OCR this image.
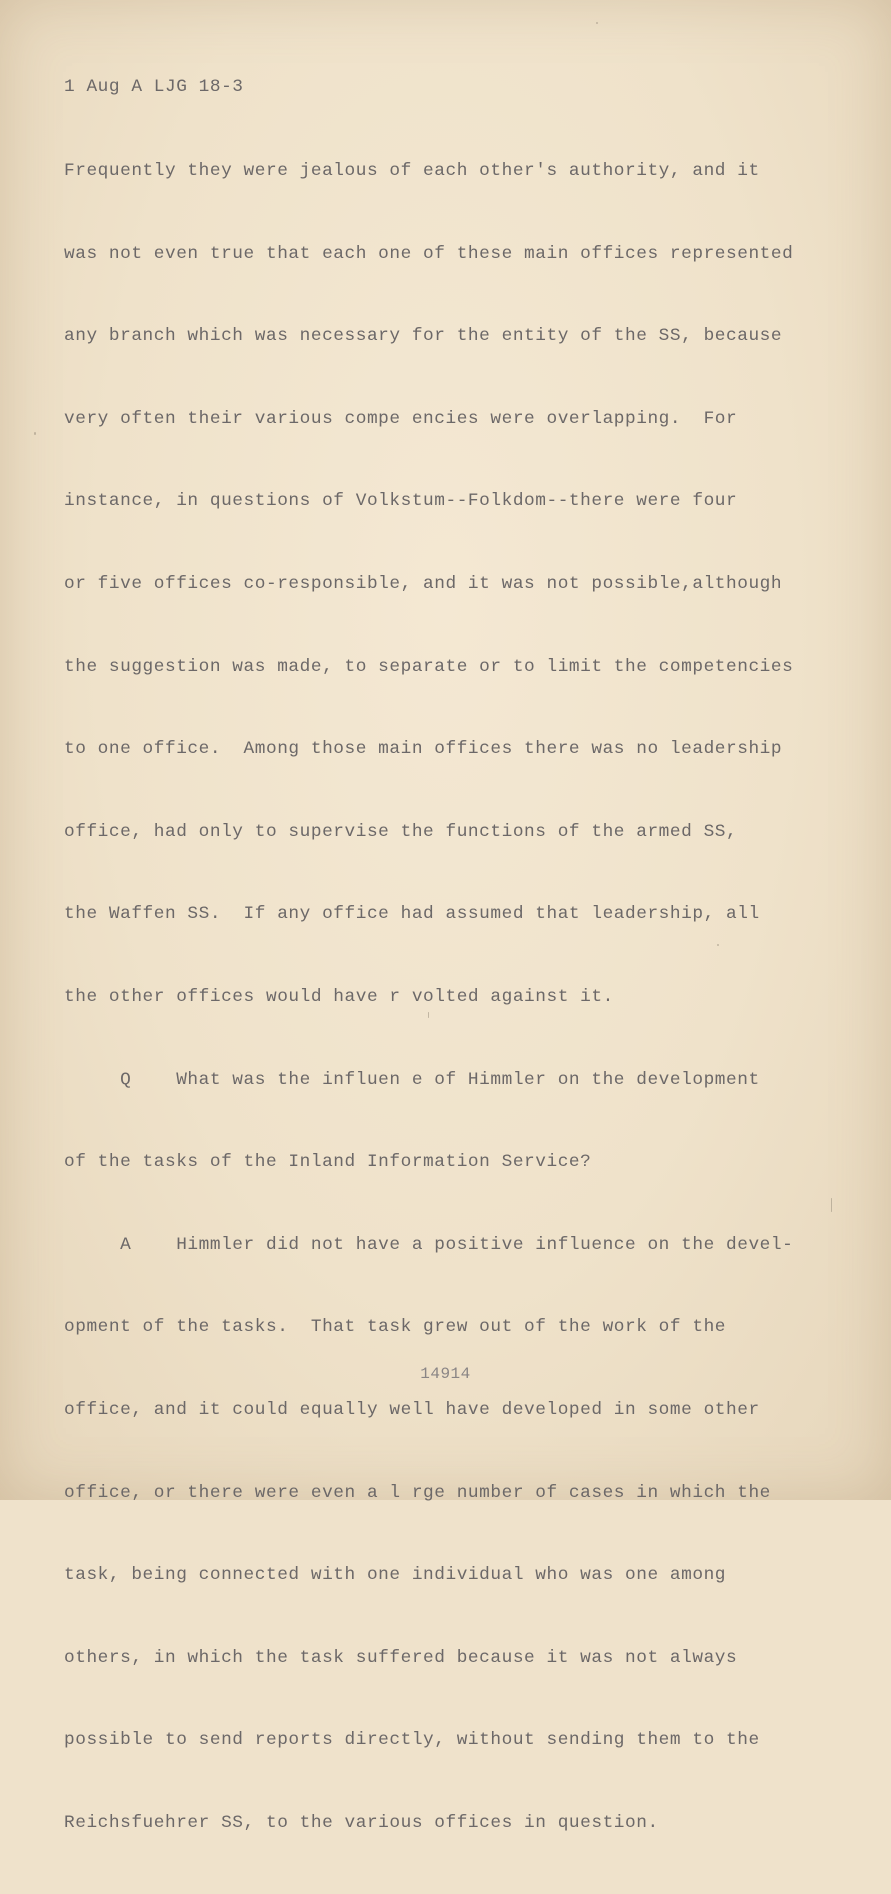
1 Aug A LJG 18-3

Frequently they were jealous of each other's authority, and it

was not even true that each one of these main offices represented

any branch which was necessary for the entity of the SS, because

very often their various compe encies were overlapping.  For

instance, in questions of Volkstum--Folkdom--there were four

or five offices co-responsible, and it was not possible,although

the suggestion was made, to separate or to limit the competencies

to one office.  Among those main offices there was no leadership

office, had only to supervise the functions of the armed SS,

the Waffen SS.  If any office had assumed that leadership, all

the other offices would have r volted against it.

Q    What was the influen e of Himmler on the development

of the tasks of the Inland Information Service?

A    Himmler did not have a positive influence on the devel-

opment of the tasks.  That task grew out of the work of the

office, and it could equally well have developed in some other

office, or there were even a l rge number of cases in which the

task, being connected with one individual who was one among

others, in which the task suffered because it was not always

possible to send reports directly, without sending them to the

Reichsfuehrer SS, to the various offices in question.

14914
